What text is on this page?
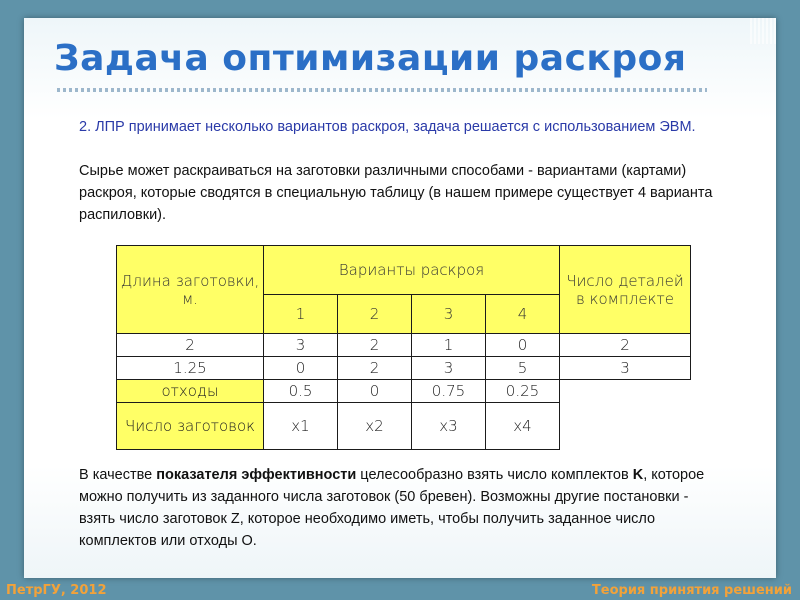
Задача оптимизации раскроя
2. ЛПР принимает несколько вариантов раскроя, задача решается с использованием ЭВМ.
Сырье может раскраиваться на заготовки различными способами - вариантами (картами) раскроя, которые сводятся в специальную таблицу (в нашем примере существует 4 варианта распиловки).
Длина заготовки, м.	Варианты раскроя				Число деталей в комплекте
	1	2	3	4	
2	3	2	1	0	2
1.25	0	2	3	5	3
отходы	0.5	0	0.75	0.25	
Число заготовок	x1	x2	x3	x4	
В качестве показателя эффективности целесообразно взять число комплектов K, которое можно получить из заданного числа заготовок (50 бревен). Возможны другие постановки - взять число заготовок Z, которое необходимо иметь, чтобы получить заданное число комплектов или отходы O.
ПетрГУ, 2012	Теория принятия решений
